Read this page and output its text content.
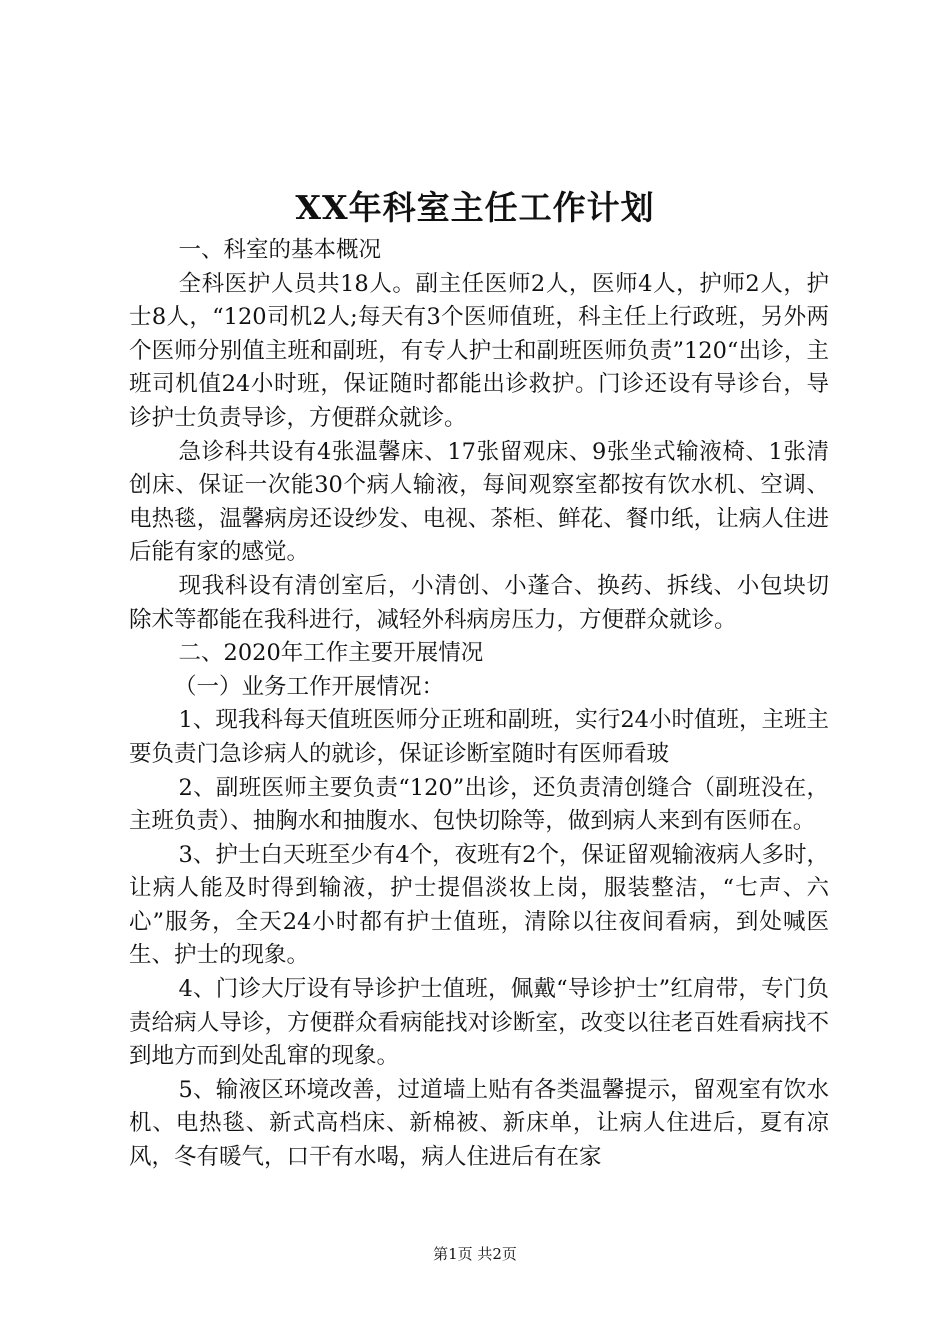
XX年科室主任工作计划

一、科室的基本概况

全科医护人员共18人。副主任医师2人，医师4人，护师2人，护士8人，“120司机2人;每天有3个医师值班，科主任上行政班，另外两个医师分别值主班和副班，有专人护士和副班医师负责”120“出诊，主班司机值24小时班，保证随时都能出诊救护。门诊还设有导诊台，导诊护士负责导诊，方便群众就诊。

急诊科共设有4张温馨床、17张留观床、9张坐式输液椅、1张清创床、保证一次能30个病人输液，每间观察室都按有饮水机、空调、电热毯，温馨病房还设纱发、电视、茶柜、鲜花、餐巾纸，让病人住进后能有家的感觉。

现我科设有清创室后，小清创、小蓬合、换药、拆线、小包块切除术等都能在我科进行，减轻外科病房压力，方便群众就诊。

二、2020年工作主要开展情况

（一）业务工作开展情况：

1、现我科每天值班医师分正班和副班，实行24小时值班，主班主要负责门急诊病人的就诊，保证诊断室随时有医师看玻

2、副班医师主要负责“120”出诊，还负责清创缝合（副班没在，主班负责）、抽胸水和抽腹水、包快切除等，做到病人来到有医师在。

3、护士白天班至少有4个，夜班有2个，保证留观输液病人多时，让病人能及时得到输液，护士提倡淡妆上岗，服装整洁，“七声、六心”服务，全天24小时都有护士值班，清除以往夜间看病，到处喊医生、护士的现象。

4、门诊大厅设有导诊护士值班，佩戴“导诊护士”红肩带，专门负责给病人导诊，方便群众看病能找对诊断室，改变以往老百姓看病找不到地方而到处乱窜的现象。

5、输液区环境改善，过道墙上贴有各类温馨提示，留观室有饮水机、电热毯、新式高档床、新棉被、新床单，让病人住进后，夏有凉风，冬有暖气，口干有水喝，病人住进后有在家

第1页 共2页
